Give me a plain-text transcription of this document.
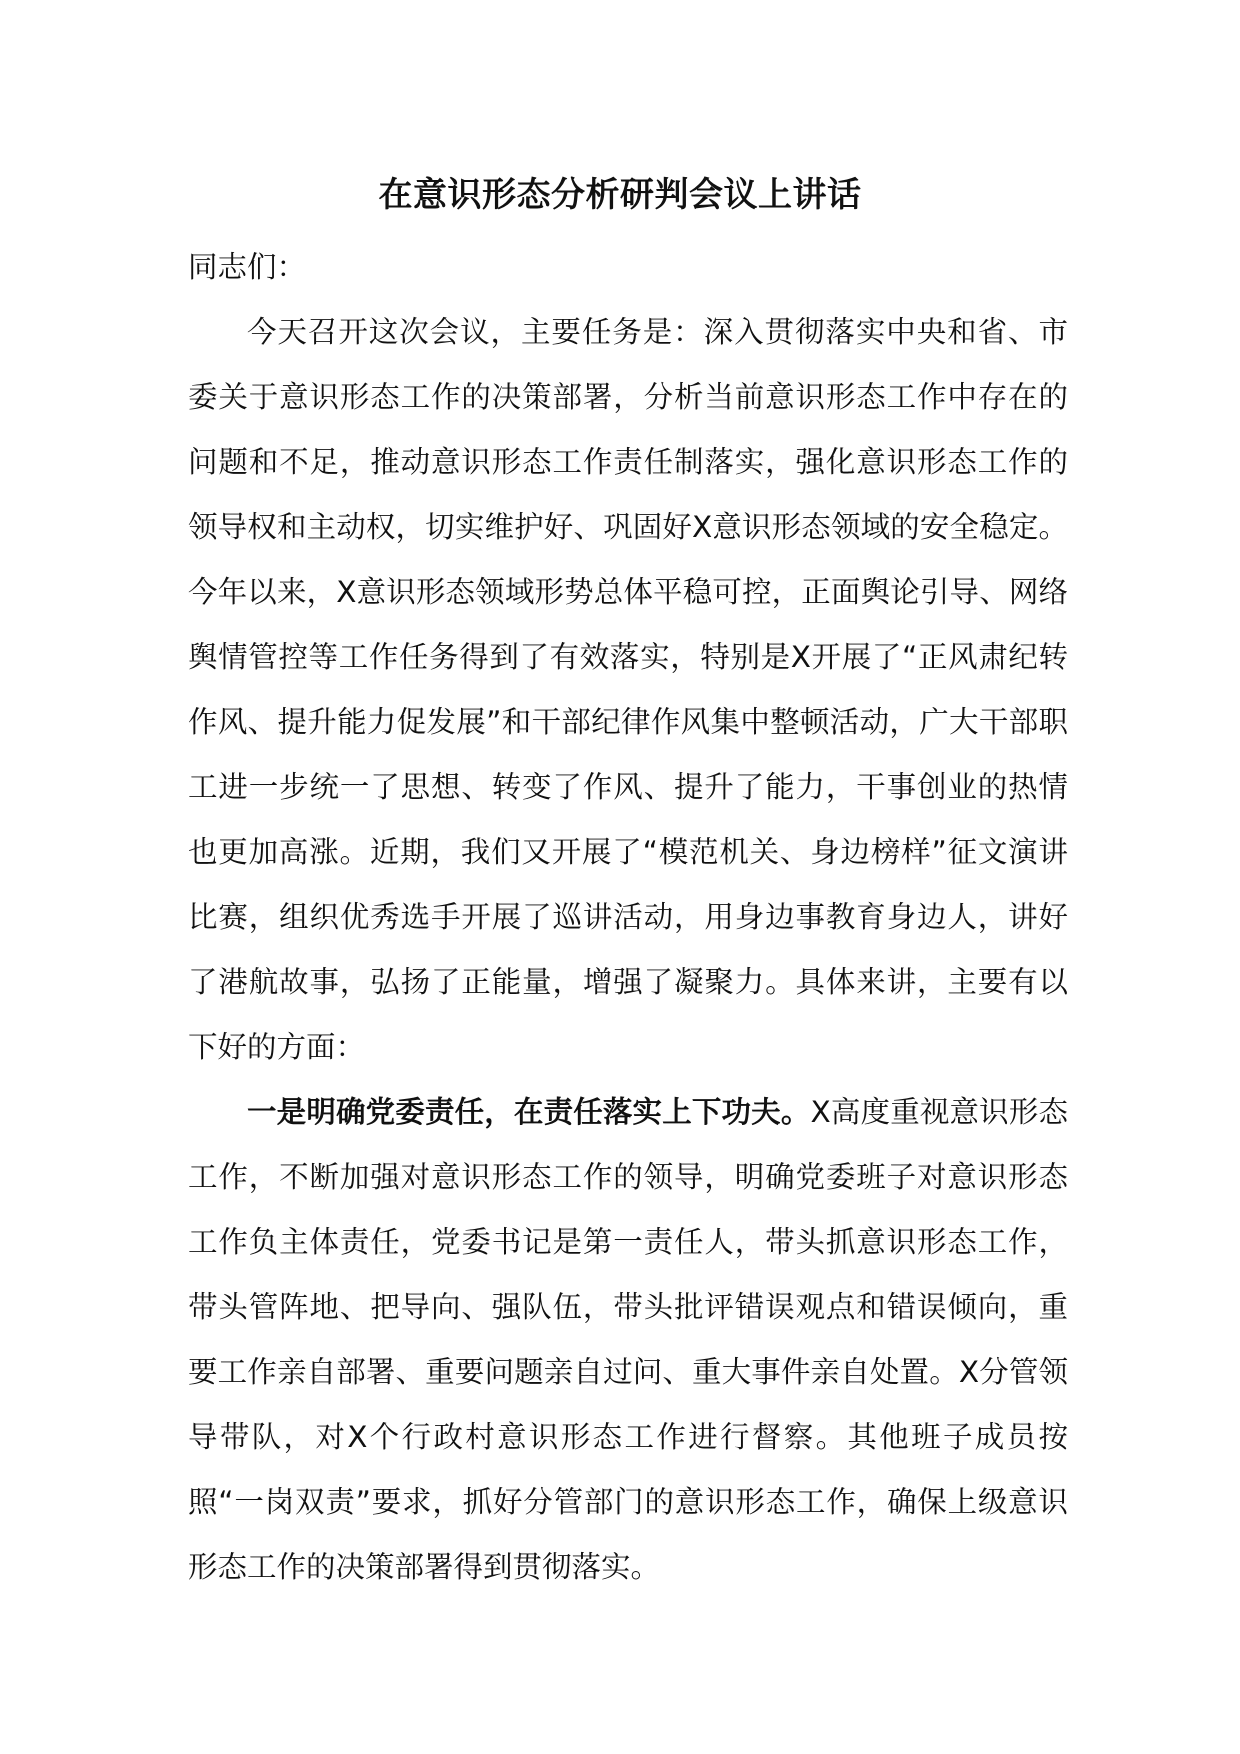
在意识形态分析研判会议上讲话

同志们：

今天召开这次会议，主要任务是：深入贯彻落实中央和省、市委关于意识形态工作的决策部署，分析当前意识形态工作中存在的问题和不足，推动意识形态工作责任制落实，强化意识形态工作的领导权和主动权，切实维护好、巩固好X意识形态领域的安全稳定。今年以来，X意识形态领域形势总体平稳可控，正面舆论引导、网络舆情管控等工作任务得到了有效落实，特别是X开展了“正风肃纪转作风、提升能力促发展”和干部纪律作风集中整顿活动，广大干部职工进一步统一了思想、转变了作风、提升了能力，干事创业的热情也更加高涨。近期，我们又开展了“模范机关、身边榜样”征文演讲比赛，组织优秀选手开展了巡讲活动，用身边事教育身边人，讲好了港航故事，弘扬了正能量，增强了凝聚力。具体来讲，主要有以下好的方面：

一是明确党委责任，在责任落实上下功夫。X高度重视意识形态工作，不断加强对意识形态工作的领导，明确党委班子对意识形态工作负主体责任，党委书记是第一责任人，带头抓意识形态工作，带头管阵地、把导向、强队伍，带头批评错误观点和错误倾向，重要工作亲自部署、重要问题亲自过问、重大事件亲自处置。X分管领导带队，对X个行政村意识形态工作进行督察。其他班子成员按照“一岗双责”要求，抓好分管部门的意识形态工作，确保上级意识形态工作的决策部署得到贯彻落实。
